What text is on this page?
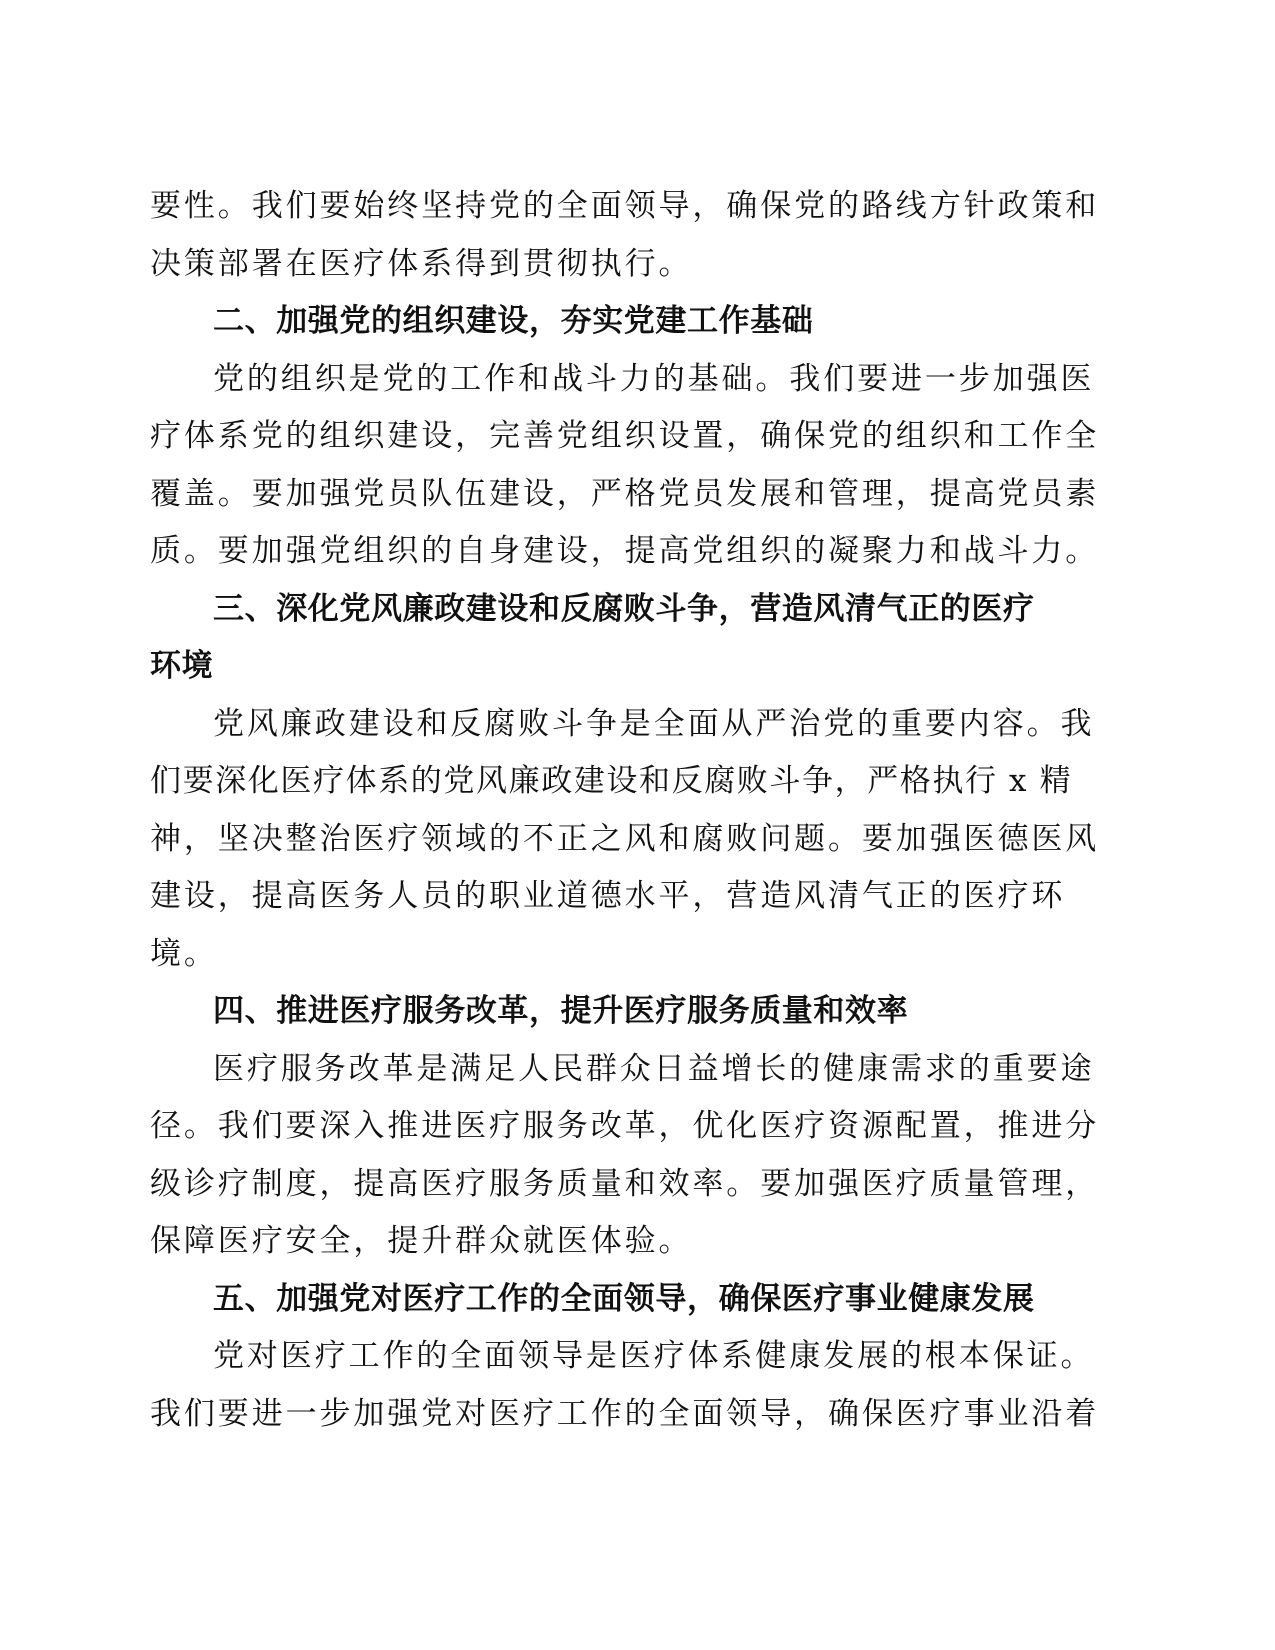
要性。我们要始终坚持党的全面领导，确保党的路线方针政策和
决策部署在医疗体系得到贯彻执行。
二、加强党的组织建设，夯实党建工作基础
党的组织是党的工作和战斗力的基础。我们要进一步加强医
疗体系党的组织建设，完善党组织设置，确保党的组织和工作全
覆盖。要加强党员队伍建设，严格党员发展和管理，提高党员素
质。要加强党组织的自身建设，提高党组织的凝聚力和战斗力。
三、深化党风廉政建设和反腐败斗争，营造风清气正的医疗
环境
党风廉政建设和反腐败斗争是全面从严治党的重要内容。我
们要深化医疗体系的党风廉政建设和反腐败斗争，严格执行 x 精
神，坚决整治医疗领域的不正之风和腐败问题。要加强医德医风
建设，提高医务人员的职业道德水平，营造风清气正的医疗环
境。
四、推进医疗服务改革，提升医疗服务质量和效率
医疗服务改革是满足人民群众日益增长的健康需求的重要途
径。我们要深入推进医疗服务改革，优化医疗资源配置，推进分
级诊疗制度，提高医疗服务质量和效率。要加强医疗质量管理，
保障医疗安全，提升群众就医体验。
五、加强党对医疗工作的全面领导，确保医疗事业健康发展
党对医疗工作的全面领导是医疗体系健康发展的根本保证。
我们要进一步加强党对医疗工作的全面领导，确保医疗事业沿着
